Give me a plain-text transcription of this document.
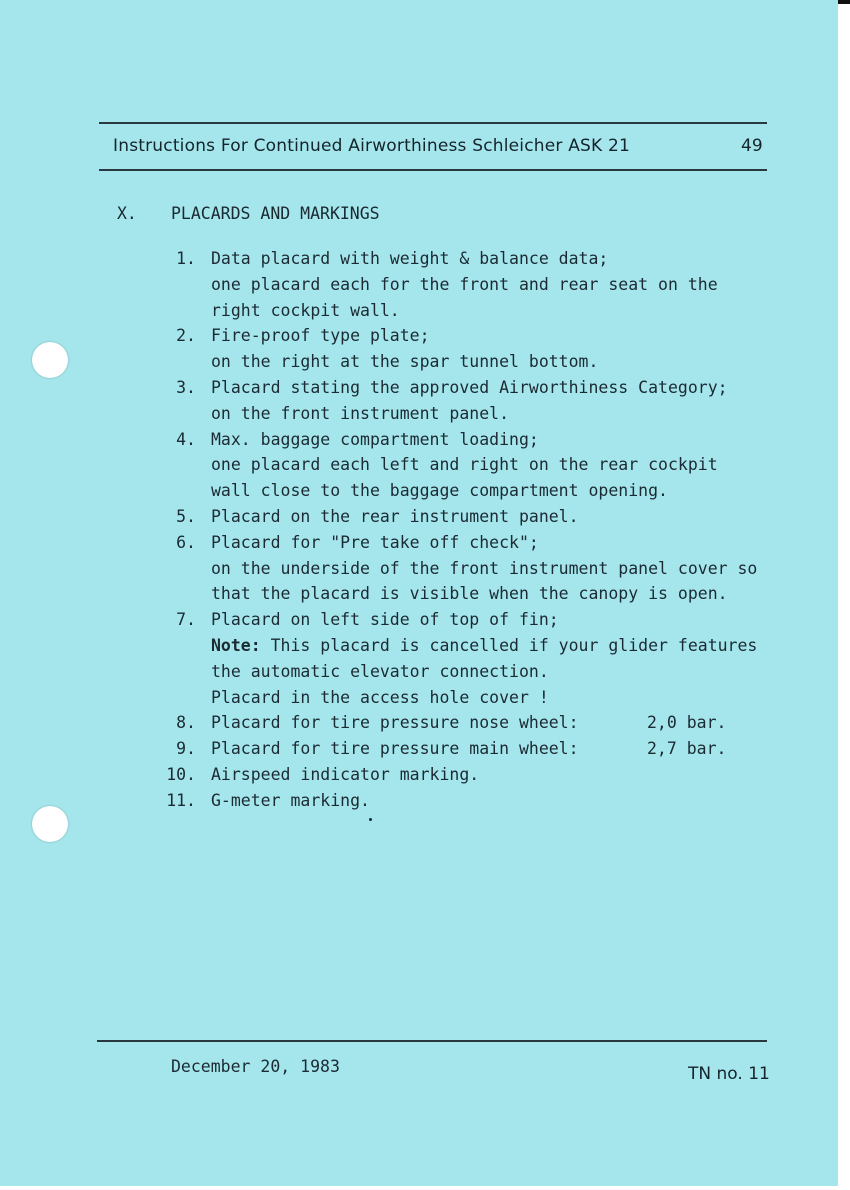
Instructions For Continued Airworthiness Schleicher ASK 21	49
X. PLACARDS AND MARKINGS
1. Data placard with weight & balance data;
one placard each for the front and rear seat on the
right cockpit wall.
2. Fire-proof type plate;
on the right at the spar tunnel bottom.
3. Placard stating the approved Airworthiness Category;
on the front instrument panel.
4. Max. baggage compartment loading;
one placard each left and right on the rear cockpit
wall close to the baggage compartment opening.
5. Placard on the rear instrument panel.
6. Placard for "Pre take off check";
on the underside of the front instrument panel cover so
that the placard is visible when the canopy is open.
7. Placard on left side of top of fin;
Note: This placard is cancelled if your glider features
the automatic elevator connection.
Placard in the access hole cover !
8. Placard for tire pressure nose wheel:	2,0 bar.
9. Placard for tire pressure main wheel:	2,7 bar.
10. Airspeed indicator marking.
11. G-meter marking.
December 20, 1983	TN no. 11
